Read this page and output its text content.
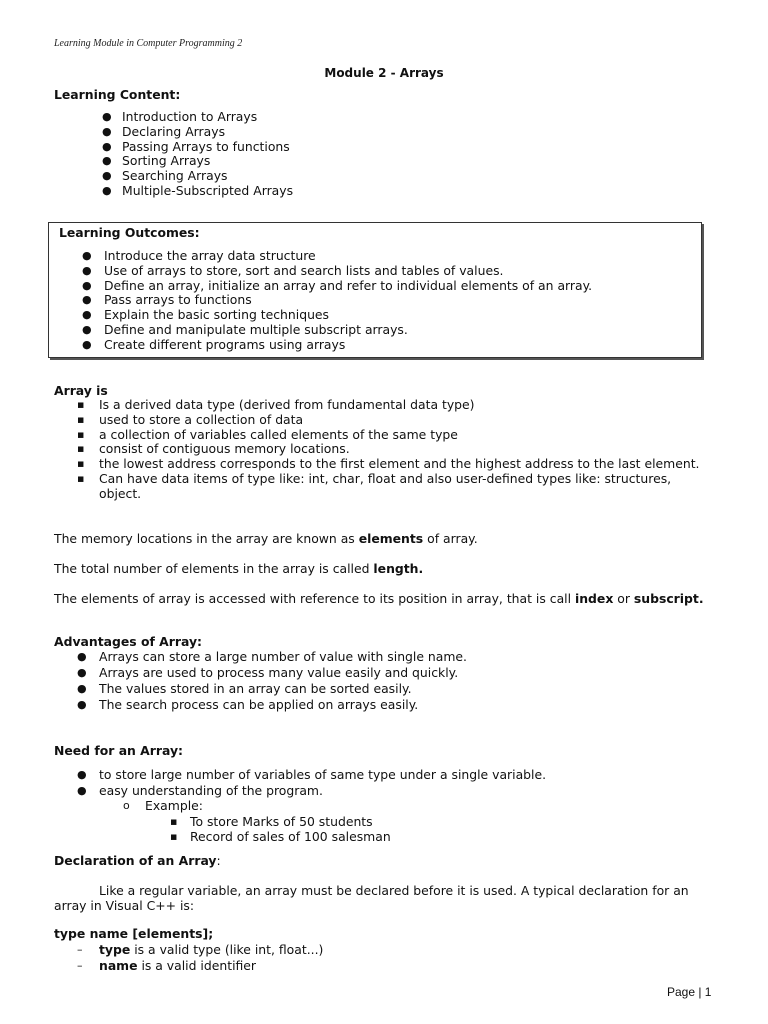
Learning Module in Computer Programming 2
Module 2 - Arrays
Learning Content:
● Introduction to Arrays
● Declaring Arrays
● Passing Arrays to functions
● Sorting Arrays
● Searching Arrays
● Multiple-Subscripted Arrays
Learning Outcomes:
● Introduce the array data structure
● Use of arrays to store, sort and search lists and tables of values.
● Define an array, initialize an array and refer to individual elements of an array.
● Pass arrays to functions
● Explain the basic sorting techniques
● Define and manipulate multiple subscript arrays.
● Create different programs using arrays
Array is
▪ Is a derived data type (derived from fundamental data type)
▪ used to store a collection of data
▪ a collection of variables called elements of the same type
▪ consist of contiguous memory locations.
▪ the lowest address corresponds to the first element and the highest address to the last element.
▪ Can have data items of type like: int, char, float and also user-defined types like: structures, object.
The memory locations in the array are known as elements of array.
The total number of elements in the array is called length.
The elements of array is accessed with reference to its position in array, that is call index or subscript.
Advantages of Array:
● Arrays can store a large number of value with single name.
● Arrays are used to process many value easily and quickly.
● The values stored in an array can be sorted easily.
● The search process can be applied on arrays easily.
Need for an Array:
● to store large number of variables of same type under a single variable.
● easy understanding of the program.
o Example:
▪ To store Marks of 50 students
▪ Record of sales of 100 salesman
Declaration of an Array:
Like a regular variable, an array must be declared before it is used. A typical declaration for an array in Visual C++ is:
type name [elements];
– type is a valid type (like int, float...)
– name is a valid identifier
Page | 1
